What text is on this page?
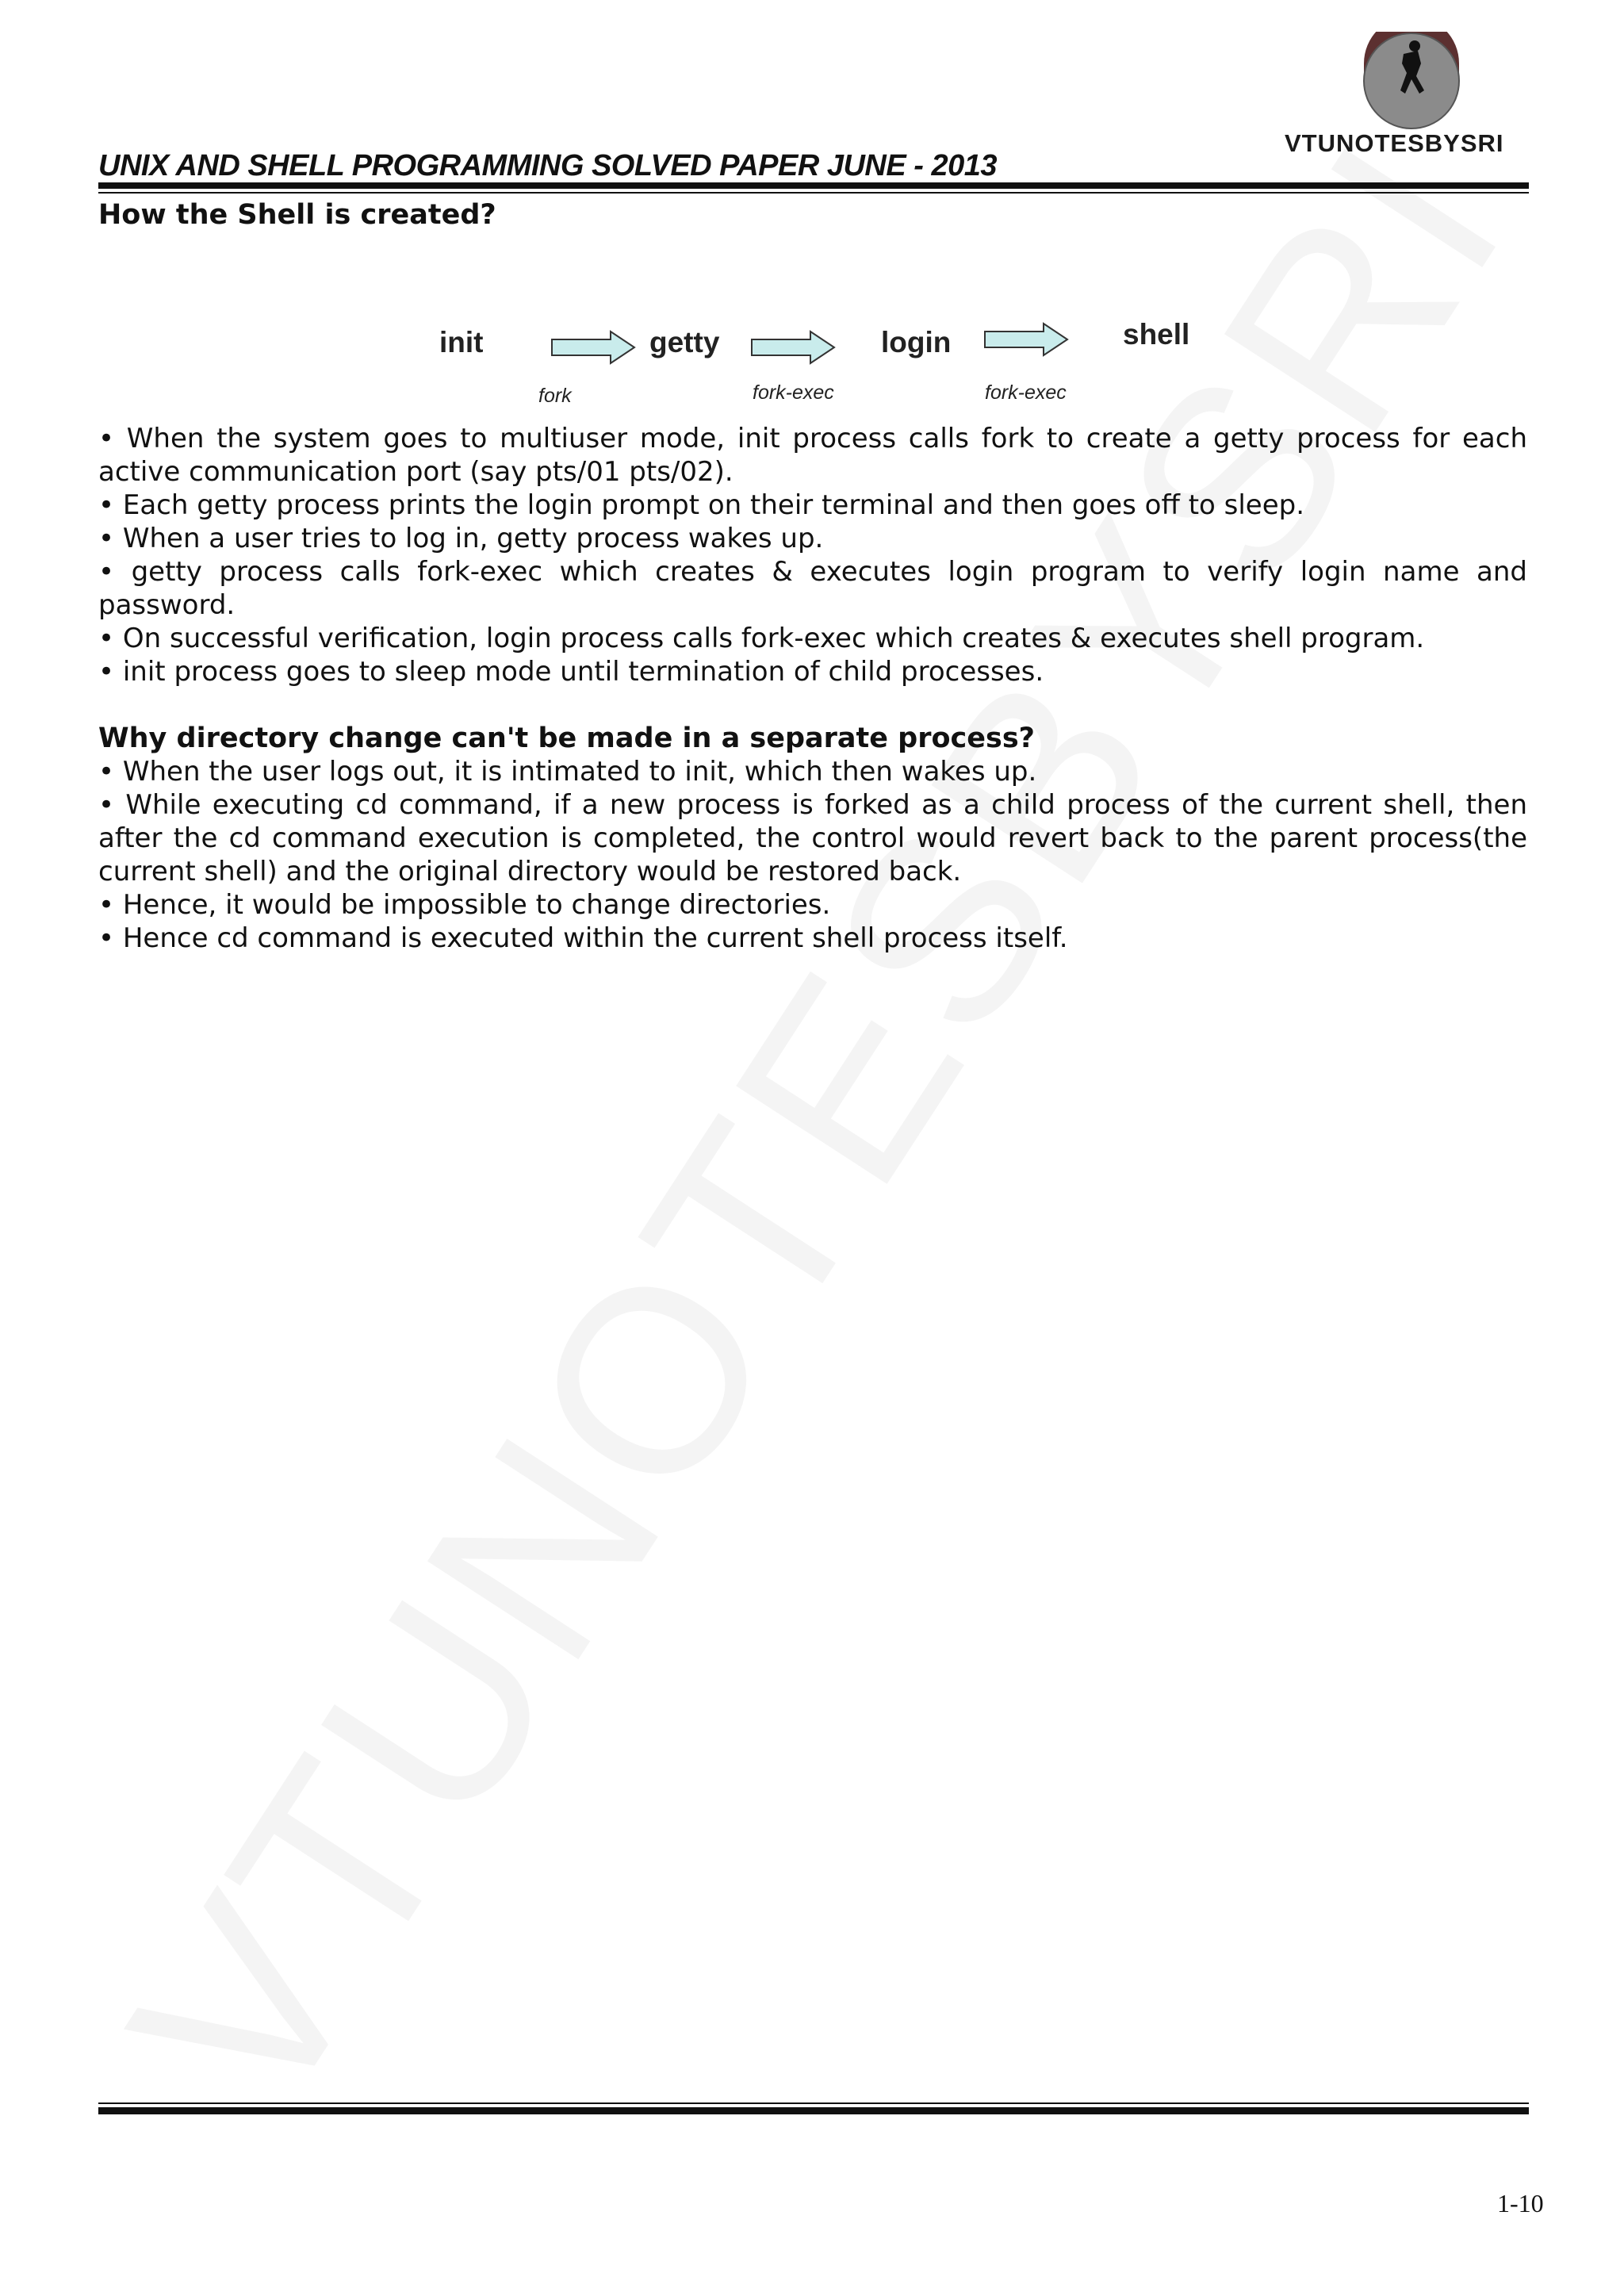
VTUNOTESBYSRI
UNIX AND SHELL PROGRAMMING SOLVED PAPER JUNE - 2013

How the Shell is created?

init	getty	login	shell
fork	fork-exec	fork-exec

• When the system goes to multiuser mode, init process calls fork to create a getty process for each active communication port (say pts/01 pts/02).

• Each getty process prints the login prompt on their terminal and then goes off to sleep.

• When a user tries to log in, getty process wakes up.

• getty process calls fork-exec which creates & executes login program to verify login name and password.

• On successful verification, login process calls fork-exec which creates & executes shell program.

• init process goes to sleep mode until termination of child processes.

Why directory change can't be made in a separate process?

• When the user logs out, it is intimated to init, which then wakes up.

• While executing cd command, if a new process is forked as a child process of the current shell, then after the cd command execution is completed, the control would revert back to the parent process(the current shell) and the original directory would be restored back.

• Hence, it would be impossible to change directories.

• Hence cd command is executed within the current shell process itself.

1-10
